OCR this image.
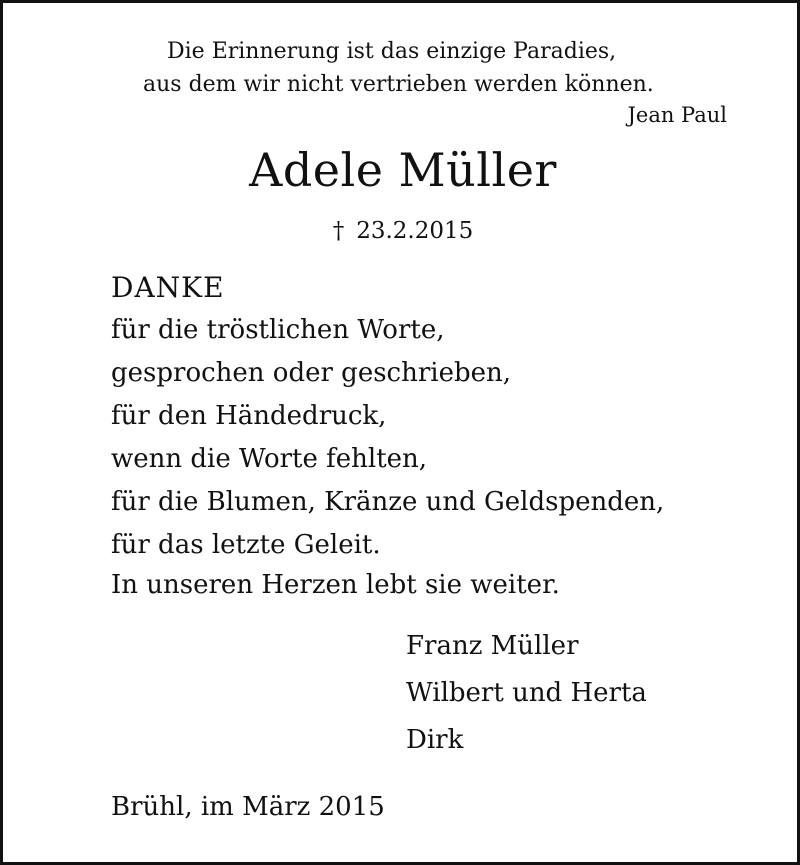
Die Erinnerung ist das einzige Paradies,
aus dem wir nicht vertrieben werden können.
Jean Paul
Adele Müller
† 23.2.2015
DANKE
für die tröstlichen Worte,
gesprochen oder geschrieben,
für den Händedruck,
wenn die Worte fehlten,
für die Blumen, Kränze und Geldspenden,
für das letzte Geleit.
In unseren Herzen lebt sie weiter.
Franz Müller
Wilbert und Herta
Dirk
Brühl, im März 2015
